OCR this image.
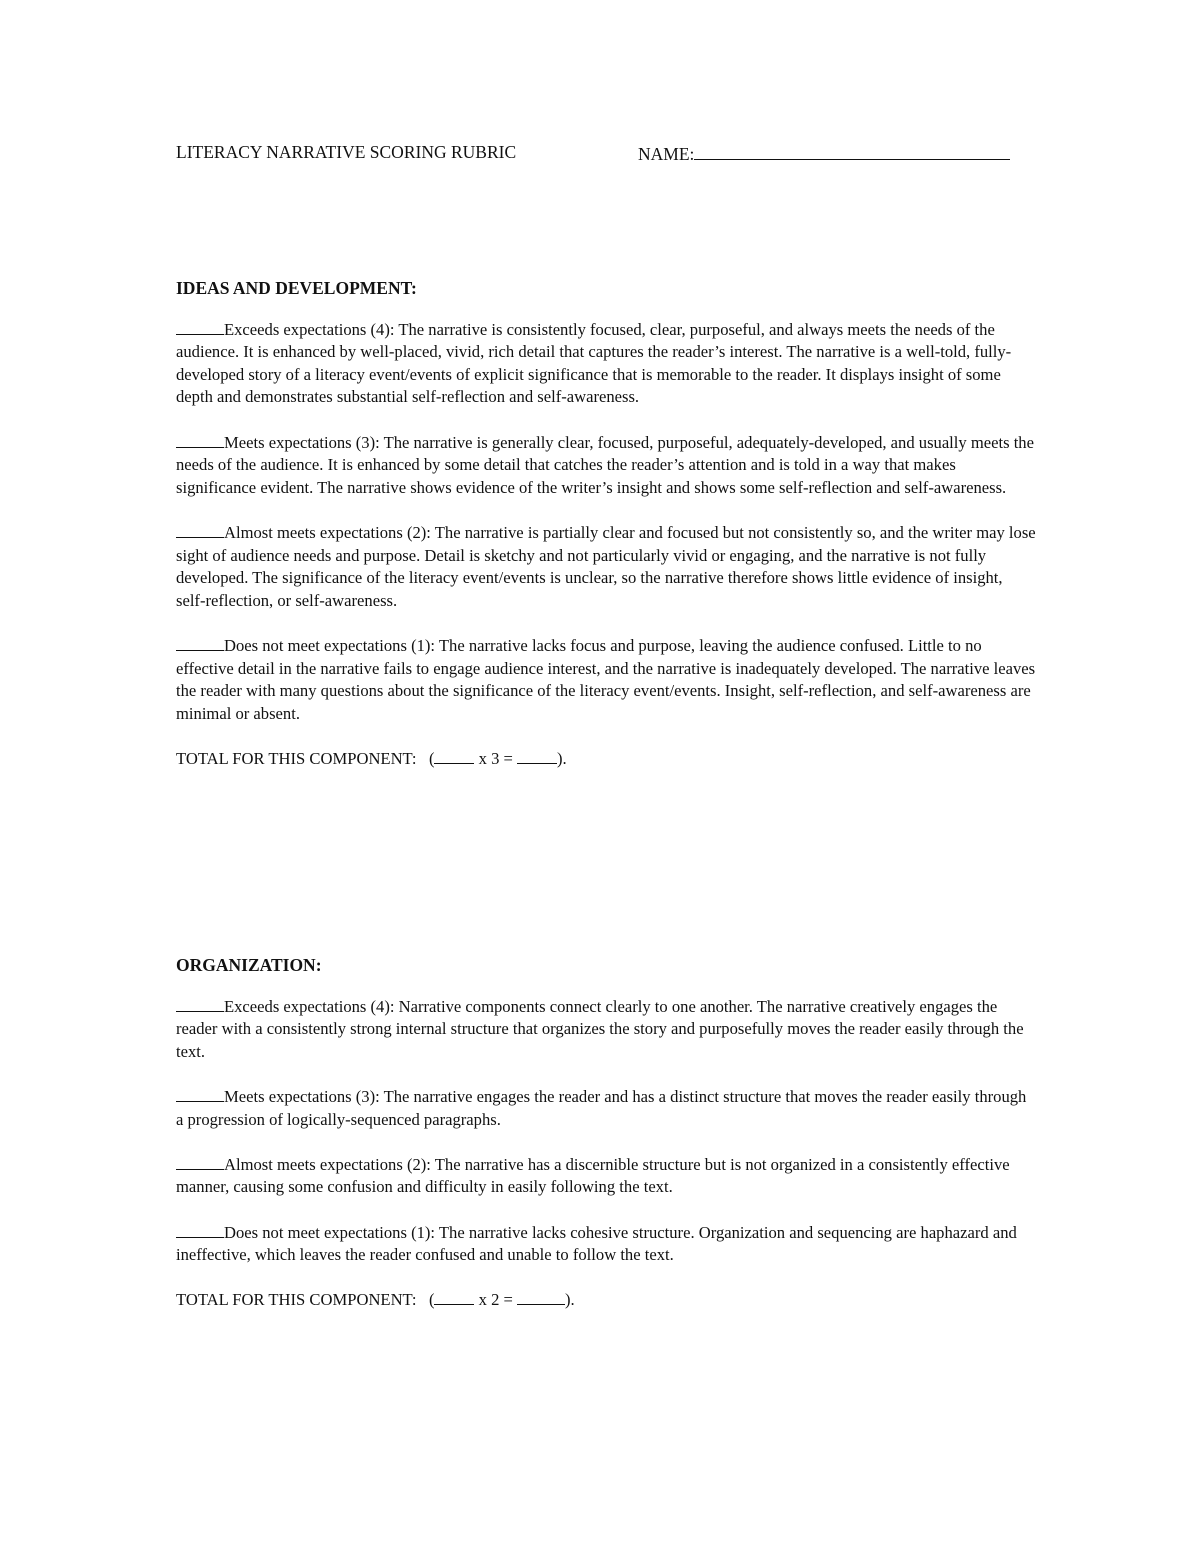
LITERACY NARRATIVE SCORING RUBRIC	NAME:
IDEAS AND DEVELOPMENT:
Exceeds expectations (4): The narrative is consistently focused, clear, purposeful, and always meets the needs of the audience. It is enhanced by well-placed, vivid, rich detail that captures the reader’s interest. The narrative is a well-told, fully-developed story of a literacy event/events of explicit significance that is memorable to the reader. It displays insight of some depth and demonstrates substantial self-reflection and self-awareness.
Meets expectations (3): The narrative is generally clear, focused, purposeful, adequately-developed, and usually meets the needs of the audience. It is enhanced by some detail that catches the reader’s attention and is told in a way that makes significance evident. The narrative shows evidence of the writer’s insight and shows some self-reflection and self-awareness.
Almost meets expectations (2): The narrative is partially clear and focused but not consistently so, and the writer may lose sight of audience needs and purpose. Detail is sketchy and not particularly vivid or engaging, and the narrative is not fully developed. The significance of the literacy event/events is unclear, so the narrative therefore shows little evidence of insight, self-reflection, or self-awareness.
Does not meet expectations (1): The narrative lacks focus and purpose, leaving the audience confused. Little to no effective detail in the narrative fails to engage audience interest, and the narrative is inadequately developed. The narrative leaves the reader with many questions about the significance of the literacy event/events. Insight, self-reflection, and self-awareness are minimal or absent.
TOTAL FOR THIS COMPONENT: (	x 3 =	).
ORGANIZATION:
Exceeds expectations (4): Narrative components connect clearly to one another. The narrative creatively engages the reader with a consistently strong internal structure that organizes the story and purposefully moves the reader easily through the text.
Meets expectations (3): The narrative engages the reader and has a distinct structure that moves the reader easily through a progression of logically-sequenced paragraphs.
Almost meets expectations (2): The narrative has a discernible structure but is not organized in a consistently effective manner, causing some confusion and difficulty in easily following the text.
Does not meet expectations (1): The narrative lacks cohesive structure. Organization and sequencing are haphazard and ineffective, which leaves the reader confused and unable to follow the text.
TOTAL FOR THIS COMPONENT: (	x 2 =	).
